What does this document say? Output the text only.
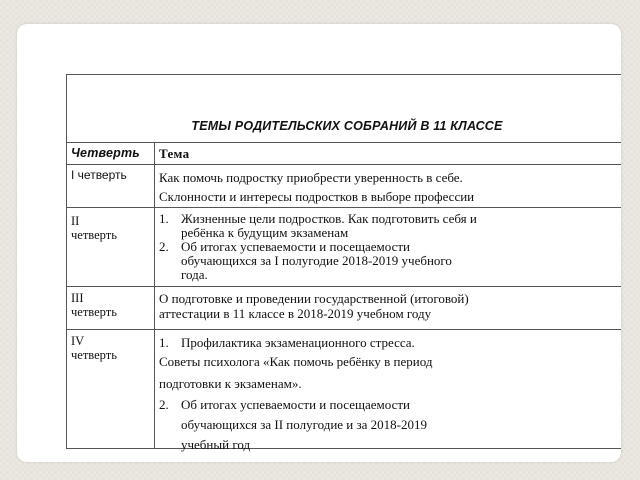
ТЕМЫ РОДИТЕЛЬСКИХ СОБРАНИЙ В 11 КЛАССЕ
Четверть Тема
I четверть Как помочь подростку приобрести уверенность в себе.
Склонности и интересы подростков в выборе профессии
II
четверть
1. Жизненные цели подростков. Как подготовить себя и
ребёнка к будущим экзаменам
2. Об итогах успеваемости и посещаемости
обучающихся за I полугодие 2018-2019 учебного
года.
III
четверть
О подготовке и проведении государственной (итоговой)
аттестации в 11 классе в 2018-2019 учебном году
IV
четверть
1. Профилактика экзаменационного стресса.
Советы психолога «Как помочь ребёнку в период
подготовки к экзаменам».
2. Об итогах успеваемости и посещаемости
обучающихся за II полугодие и за 2018-2019
учебный год
